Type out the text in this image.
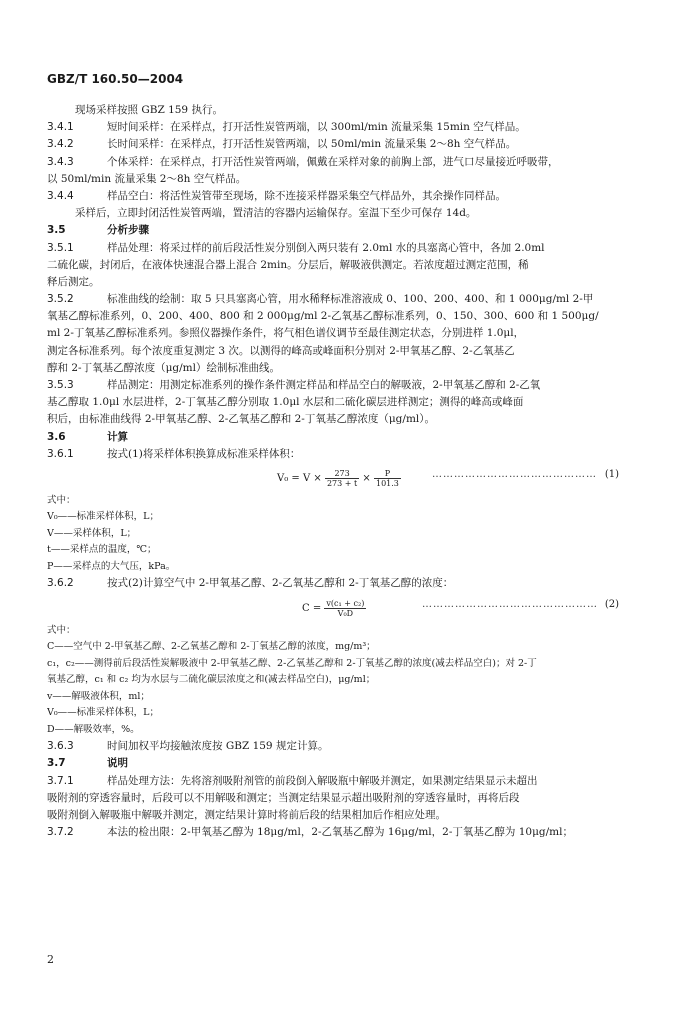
GBZ/T 160.50—2004
现场采样按照 GBZ 159 执行。
3.4.1	短时间采样：在采样点，打开活性炭管两端，以 300ml/min 流量采集 15min 空气样品。
3.4.2	长时间采样：在采样点，打开活性炭管两端，以 50ml/min 流量采集 2～8h 空气样品。
3.4.3	个体采样：在采样点，打开活性炭管两端，佩戴在采样对象的前胸上部，进气口尽量接近呼吸带，
以 50ml/min 流量采集 2～8h 空气样品。
3.4.4	样品空白：将活性炭管带至现场，除不连接采样器采集空气样品外，其余操作同样品。
采样后，立即封闭活性炭管两端，置清洁的容器内运输保存。室温下至少可保存 14d。
3.5	分析步骤
3.5.1	样品处理：将采过样的前后段活性炭分别倒入两只装有 2.0ml 水的具塞离心管中，各加 2.0ml
二硫化碳，封闭后，在液体快速混合器上混合 2min。分层后，解吸液供测定。若浓度超过测定范围，稀
释后测定。
3.5.2	标准曲线的绘制：取 5 只具塞离心管，用水稀释标准溶液成 0、100、200、400、和 1 000μg/ml 2-甲
氧基乙醇标准系列，0、200、400、800 和 2 000μg/ml 2-乙氧基乙醇标准系列，0、150、300、600 和 1 500μg/
ml 2-丁氧基乙醇标准系列。参照仪器操作条件，将气相色谱仪调节至最佳测定状态，分别进样 1.0μl，
测定各标准系列。每个浓度重复测定 3 次。以测得的峰高或峰面积分别对 2-甲氧基乙醇、2-乙氧基乙
醇和 2-丁氧基乙醇浓度（μg/ml）绘制标准曲线。
3.5.3	样品测定：用测定标准系列的操作条件测定样品和样品空白的解吸液，2-甲氧基乙醇和 2-乙氧
基乙醇取 1.0μl 水层进样，2-丁氧基乙醇分别取 1.0μl 水层和二硫化碳层进样测定；测得的峰高或峰面
积后，由标准曲线得 2-甲氧基乙醇、2-乙氧基乙醇和 2-丁氧基乙醇浓度（μg/ml）。
3.6	计算
3.6.1	按式(1)将采样体积换算成标准采样体积：
$V_0 = V \times \frac{273}{273 + t} \times \frac{P}{101.3}$	……………………………………… (1)
式中：
V₀——标准采样体积，L；
V——采样体积，L；
t——采样点的温度，℃；
P——采样点的大气压，kPa。
3.6.2	按式(2)计算空气中 2-甲氧基乙醇、2-乙氧基乙醇和 2-丁氧基乙醇的浓度：
$C = \frac{\text{v(c₁ + c₂)}}{\text{V₀D}}$	………………………………………… (2)
式中：
C——空气中 2-甲氧基乙醇、2-乙氧基乙醇和 2-丁氧基乙醇的浓度，mg/m³；
c₁，c₂——测得前后段活性炭解吸液中 2-甲氧基乙醇、2-乙氧基乙醇和 2-丁氧基乙醇的浓度(减去样品空白)；对 2-丁
氧基乙醇，c₁ 和 c₂ 均为水层与二硫化碳层浓度之和(减去样品空白)，μg/ml；
v——解吸液体积，ml；
V₀——标准采样体积，L；
D——解吸效率，%。
3.6.3	时间加权平均接触浓度按 GBZ 159 规定计算。
3.7	说明
3.7.1	样品处理方法：先将溶剂吸附剂管的前段倒入解吸瓶中解吸并测定，如果测定结果显示未超出
吸附剂的穿透容量时，后段可以不用解吸和测定；当测定结果显示超出吸附剂的穿透容量时，再将后段
吸附剂倒入解吸瓶中解吸并测定，测定结果计算时将前后段的结果相加后作相应处理。
3.7.2	本法的检出限：2-甲氧基乙醇为 18μg/ml，2-乙氧基乙醇为 16μg/ml，2-丁氧基乙醇为 10μg/ml；
2
